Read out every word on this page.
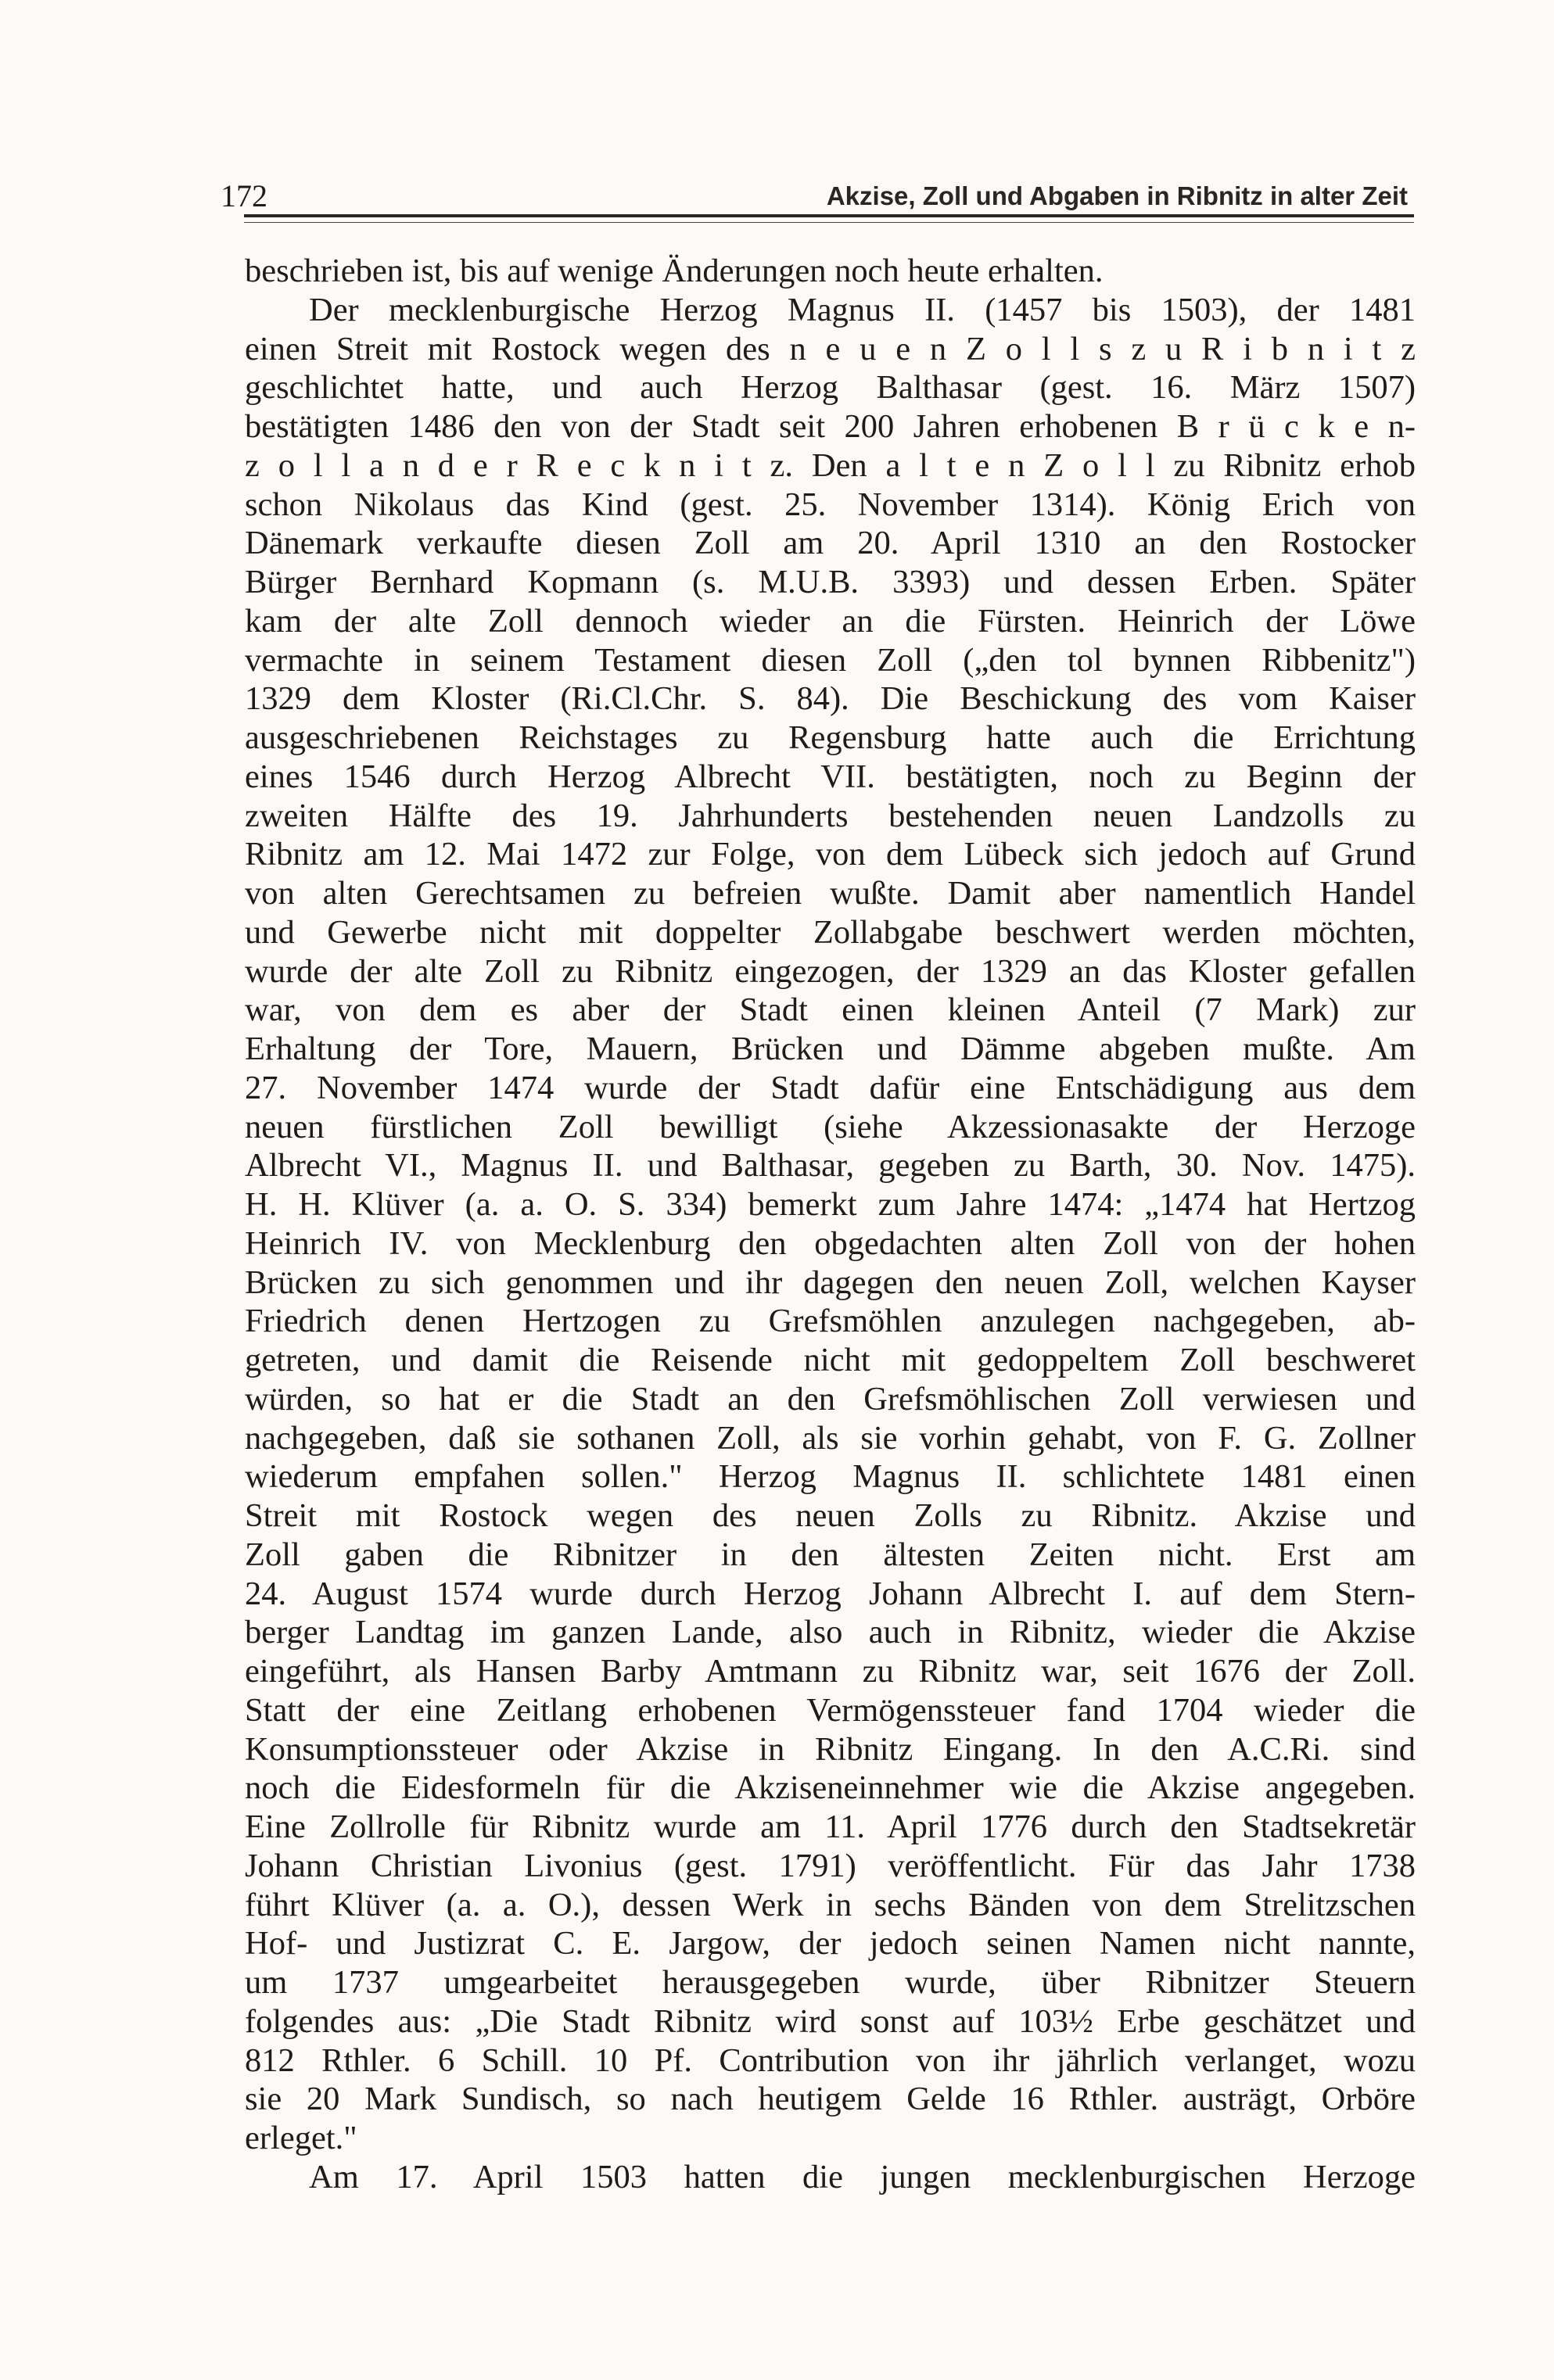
172	Akzise, Zoll und Abgaben in Ribnitz in alter Zeit
beschrieben ist, bis auf wenige Änderungen noch heute erhalten.
Der mecklenburgische Herzog Magnus II. (1457 bis 1503), der 1481
einen Streit mit Rostock wegen des n e u e n Z o l l s z u R i b n i t z
geschlichtet hatte, und auch Herzog Balthasar (gest. 16. März 1507)
bestätigten 1486 den von der Stadt seit 200 Jahren erhobenen B r ü c k e n-
z o l l a n d e r R e c k n i t z. Den a l t e n Z o l l zu Ribnitz erhob
schon Nikolaus das Kind (gest. 25. November 1314). König Erich von
Dänemark verkaufte diesen Zoll am 20. April 1310 an den Rostocker
Bürger Bernhard Kopmann (s. M.U.B. 3393) und dessen Erben. Später
kam der alte Zoll dennoch wieder an die Fürsten. Heinrich der Löwe
vermachte in seinem Testament diesen Zoll („den tol bynnen Ribbenitz")
1329 dem Kloster (Ri.Cl.Chr. S. 84). Die Beschickung des vom Kaiser
ausgeschriebenen Reichstages zu Regensburg hatte auch die Errichtung
eines 1546 durch Herzog Albrecht VII. bestätigten, noch zu Beginn der
zweiten Hälfte des 19. Jahrhunderts bestehenden neuen Landzolls zu
Ribnitz am 12. Mai 1472 zur Folge, von dem Lübeck sich jedoch auf Grund
von alten Gerechtsamen zu befreien wußte. Damit aber namentlich Handel
und Gewerbe nicht mit doppelter Zollabgabe beschwert werden möchten,
wurde der alte Zoll zu Ribnitz eingezogen, der 1329 an das Kloster gefallen
war, von dem es aber der Stadt einen kleinen Anteil (7 Mark) zur
Erhaltung der Tore, Mauern, Brücken und Dämme abgeben mußte. Am
27. November 1474 wurde der Stadt dafür eine Entschädigung aus dem
neuen fürstlichen Zoll bewilligt (siehe Akzessionasakte der Herzoge
Albrecht VI., Magnus II. und Balthasar, gegeben zu Barth, 30. Nov. 1475).
H. H. Klüver (a. a. O. S. 334) bemerkt zum Jahre 1474: „1474 hat Hertzog
Heinrich IV. von Mecklenburg den obgedachten alten Zoll von der hohen
Brücken zu sich genommen und ihr dagegen den neuen Zoll, welchen Kayser
Friedrich denen Hertzogen zu Grefsmöhlen anzulegen nachgegeben, ab-
getreten, und damit die Reisende nicht mit gedoppeltem Zoll beschweret
würden, so hat er die Stadt an den Grefsmöhlischen Zoll verwiesen und
nachgegeben, daß sie sothanen Zoll, als sie vorhin gehabt, von F. G. Zollner
wiederum empfahen sollen." Herzog Magnus II. schlichtete 1481 einen
Streit mit Rostock wegen des neuen Zolls zu Ribnitz. Akzise und
Zoll gaben die Ribnitzer in den ältesten Zeiten nicht. Erst am
24. August 1574 wurde durch Herzog Johann Albrecht I. auf dem Stern-
berger Landtag im ganzen Lande, also auch in Ribnitz, wieder die Akzise
eingeführt, als Hansen Barby Amtmann zu Ribnitz war, seit 1676 der Zoll.
Statt der eine Zeitlang erhobenen Vermögenssteuer fand 1704 wieder die
Konsumptionssteuer oder Akzise in Ribnitz Eingang. In den A.C.Ri. sind
noch die Eidesformeln für die Akziseneinnehmer wie die Akzise angegeben.
Eine Zollrolle für Ribnitz wurde am 11. April 1776 durch den Stadtsekretär
Johann Christian Livonius (gest. 1791) veröffentlicht. Für das Jahr 1738
führt Klüver (a. a. O.), dessen Werk in sechs Bänden von dem Strelitzschen
Hof- und Justizrat C. E. Jargow, der jedoch seinen Namen nicht nannte,
um 1737 umgearbeitet herausgegeben wurde, über Ribnitzer Steuern
folgendes aus: „Die Stadt Ribnitz wird sonst auf 103½ Erbe geschätzet und
812 Rthler. 6 Schill. 10 Pf. Contribution von ihr jährlich verlanget, wozu
sie 20 Mark Sundisch, so nach heutigem Gelde 16 Rthler. austrägt, Orböre
erleget."
Am 17. April 1503 hatten die jungen mecklenburgischen Herzoge
